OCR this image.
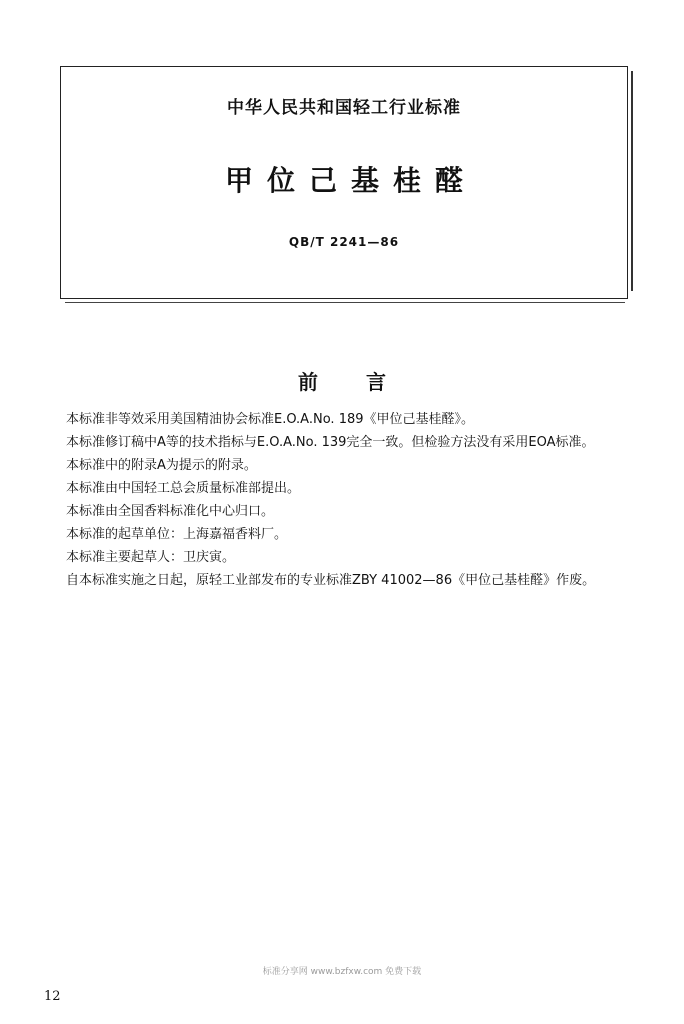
中华人民共和国轻工行业标准
甲位己基桂醛
QB/T 2241—86
前言

本标准非等效采用美国精油协会标准E.O.A.No. 189《甲位己基桂醛》。

本标准修订稿中A等的技术指标与E.O.A.No. 139完全一致。但检验方法没有采用EOA标准。

本标准中的附录A为提示的附录。

本标准由中国轻工总会质量标准部提出。

本标准由全国香料标准化中心归口。

本标准的起草单位：上海嘉福香料厂。

本标准主要起草人：卫庆寅。

自本标准实施之日起，原轻工业部发布的专业标准ZBY 41002—86《甲位己基桂醛》作废。

标准分享网 www.bzfxw.com 免费下载
12
